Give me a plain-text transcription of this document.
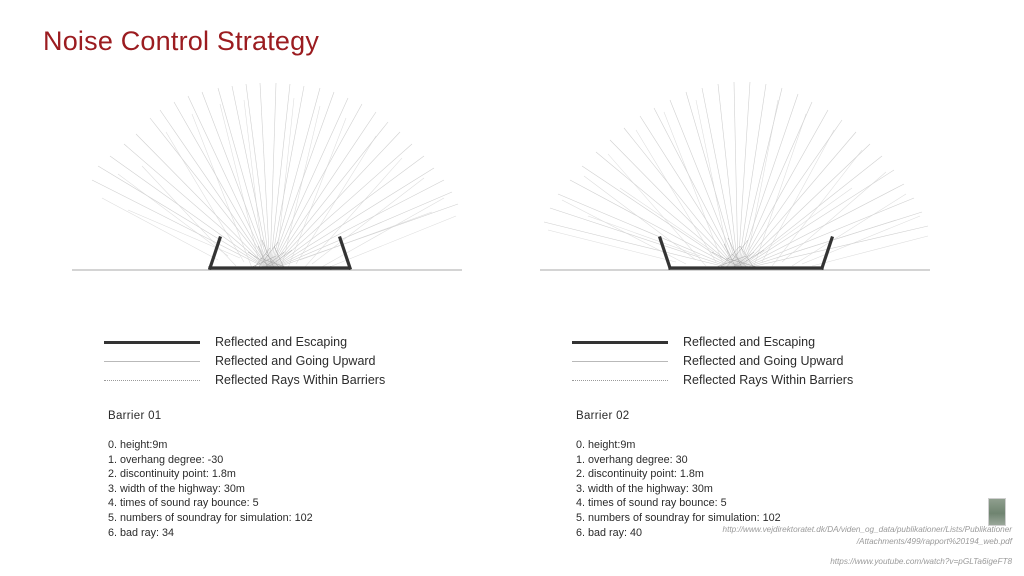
Noise Control Strategy
Reflected and Escaping
Reflected and Going Upward
Reflected Rays Within Barriers
Barrier 01
0. height:9m
1. overhang degree: -30
2. discontinuity point: 1.8m
3. width of the highway: 30m
4. times of sound ray bounce: 5
5. numbers of soundray for simulation: 102
6. bad ray: 34
Reflected and Escaping
Reflected and Going Upward
Reflected Rays Within Barriers
Barrier 02
0. height:9m
1. overhang degree: 30
2. discontinuity point: 1.8m
3. width of the highway: 30m
4. times of sound ray bounce: 5
5. numbers of soundray for simulation: 102
6. bad ray: 40	http://www.vejdirektoratet.dk/DA/viden_og_data/publikationer/Lists/Publikationer
/Attachments/499/rapport%20194_web.pdf
https://www.youtube.com/watch?v=pGLTa6igeFT8
